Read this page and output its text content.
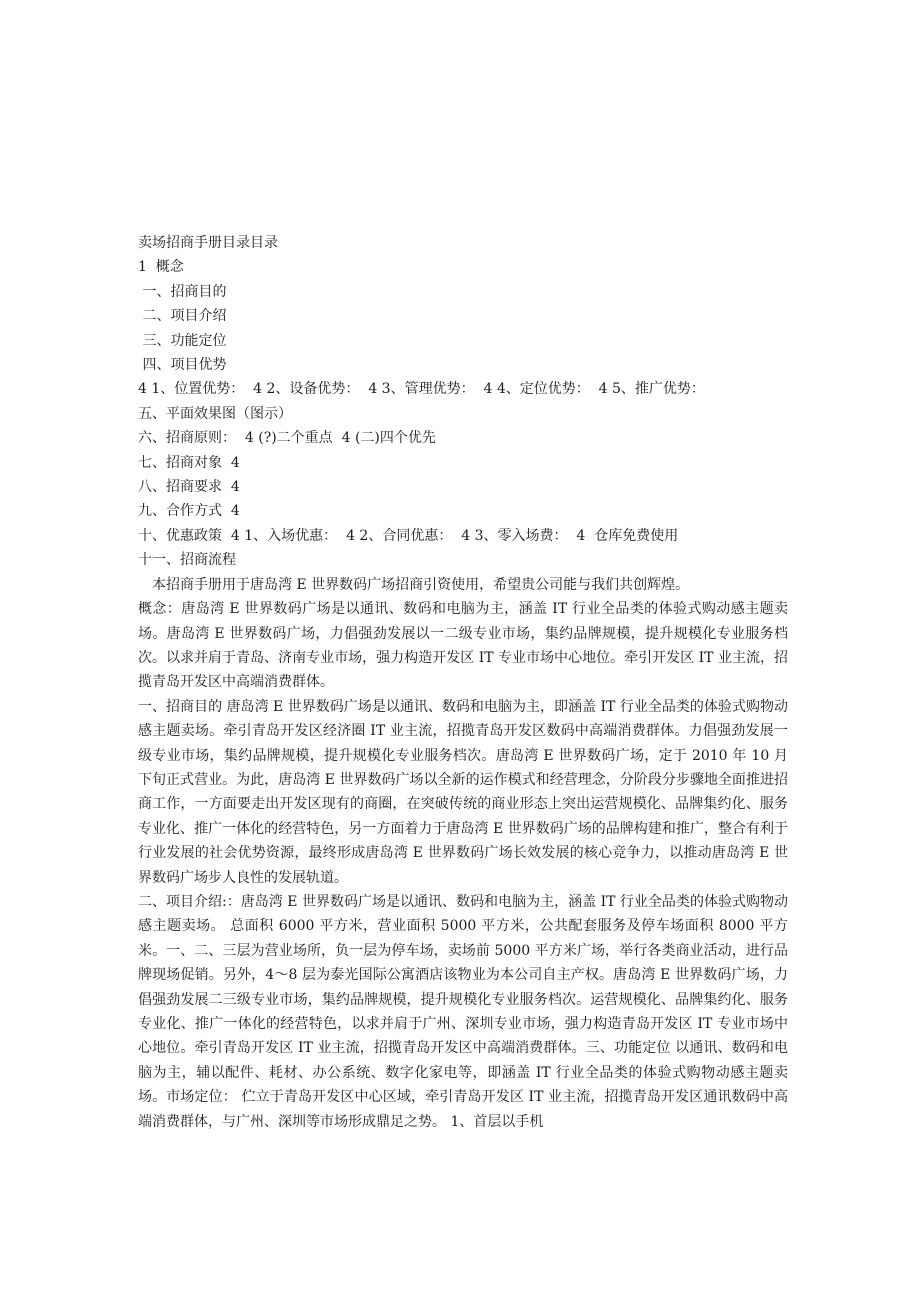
卖场招商手册目录目录
1  概念
一、招商目的
二、项目介绍
三、功能定位
四、项目优势
4 1、位置优势：  4 2、设备优势：  4 3、管理优势：  4 4、定位优势：  4 5、推广优势：
五、平面效果图（图示）
六、招商原则：  4 (?)二个重点  4 (二)四个优先
七、招商对象  4
八、招商要求  4
九、合作方式  4
十、优惠政策  4 1、入场优惠：  4 2、合同优惠：  4 3、零入场费：  4  仓库免费使用
十一、招商流程

本招商手册用于唐岛湾 E 世界数码广场招商引资使用，希望贵公司能与我们共创辉煌。

概念：唐岛湾 E 世界数码广场是以通讯、数码和电脑为主，涵盖 IT 行业全品类的体验式购动感主题卖场。唐岛湾 E 世界数码广场，力倡强劲发展以一二级专业市场，集约品牌规模，提升规模化专业服务档次。以求并肩于青岛、济南专业市场，强力构造开发区 IT 专业市场中心地位。牵引开发区 IT 业主流，招揽青岛开发区中高端消费群体。

一、招商目的 唐岛湾 E 世界数码广场是以通讯、数码和电脑为主，即涵盖 IT 行业全品类的体验式购物动感主题卖场。牵引青岛开发区经济圈 IT 业主流，招揽青岛开发区数码中高端消费群体。力倡强劲发展一级专业市场，集约品牌规模，提升规模化专业服务档次。唐岛湾 E 世界数码广场，定于 2010 年 10 月下旬正式营业。为此，唐岛湾 E 世界数码广场以全新的运作模式和经营理念，分阶段分步骤地全面推进招商工作，一方面要走出开发区现有的商圈，在突破传统的商业形态上突出运营规模化、品牌集约化、服务专业化、推广一体化的经营特色，另一方面着力于唐岛湾 E 世界数码广场的品牌构建和推广，整合有利于行业发展的社会优势资源，最终形成唐岛湾 E 世界数码广场长效发展的核心竞争力，以推动唐岛湾 E 世界数码广场步人良性的发展轨道。

二、项目介绍:：唐岛湾 E 世界数码广场是以通讯、数码和电脑为主，涵盖 IT 行业全品类的体验式购物动感主题卖场。 总面积 6000 平方米，营业面积 5000 平方米，公共配套服务及停车场面积 8000 平方米。一、二、三层为营业场所，负一层为停车场，卖场前 5000 平方米广场，举行各类商业活动，进行品牌现场促销。另外，4～8 层为泰光国际公寓酒店该物业为本公司自主产权。唐岛湾 E 世界数码广场，力倡强劲发展二三级专业市场，集约品牌规模，提升规模化专业服务档次。运营规模化、品牌集约化、服务专业化、推广一体化的经营特色，以求并肩于广州、深圳专业市场，强力构造青岛开发区 IT 专业市场中心地位。牵引青岛开发区 IT 业主流，招揽青岛开发区中高端消费群体。三、功能定位 以通讯、数码和电脑为主，辅以配件、耗材、办公系统、数字化家电等，即涵盖 IT 行业全品类的体验式购物动感主题卖场。市场定位： 伫立于青岛开发区中心区域，牵引青岛开发区 IT 业主流，招揽青岛开发区通讯数码中高端消费群体，与广州、深圳等市场形成鼎足之势。 1、首层以手机
